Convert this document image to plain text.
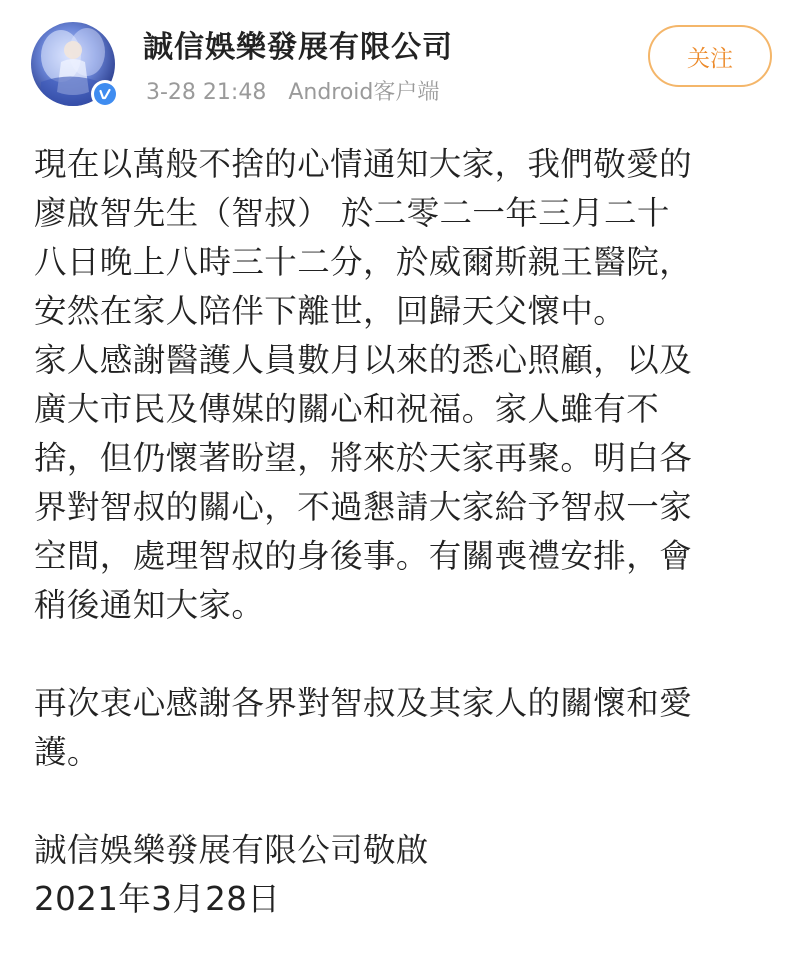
誠信娛樂發展有限公司
3-28 21:48 Android客户端
关注

現在以萬般不捨的心情通知大家，我們敬愛的

廖啟智先生（智叔） 於二零二一年三月二十

八日晚上八時三十二分，於威爾斯親王醫院，

安然在家人陪伴下離世，回歸天父懷中。

家人感謝醫護人員數月以來的悉心照顧，以及

廣大市民及傳媒的關心和祝福。家人雖有不

捨，但仍懷著盼望，將來於天家再聚。明白各

界對智叔的關心，不過懇請大家給予智叔一家

空間，處理智叔的身後事。有關喪禮安排，會

稍後通知大家。

再次衷心感謝各界對智叔及其家人的關懷和愛

護。

誠信娛樂發展有限公司敬啟

2021年3月28日
